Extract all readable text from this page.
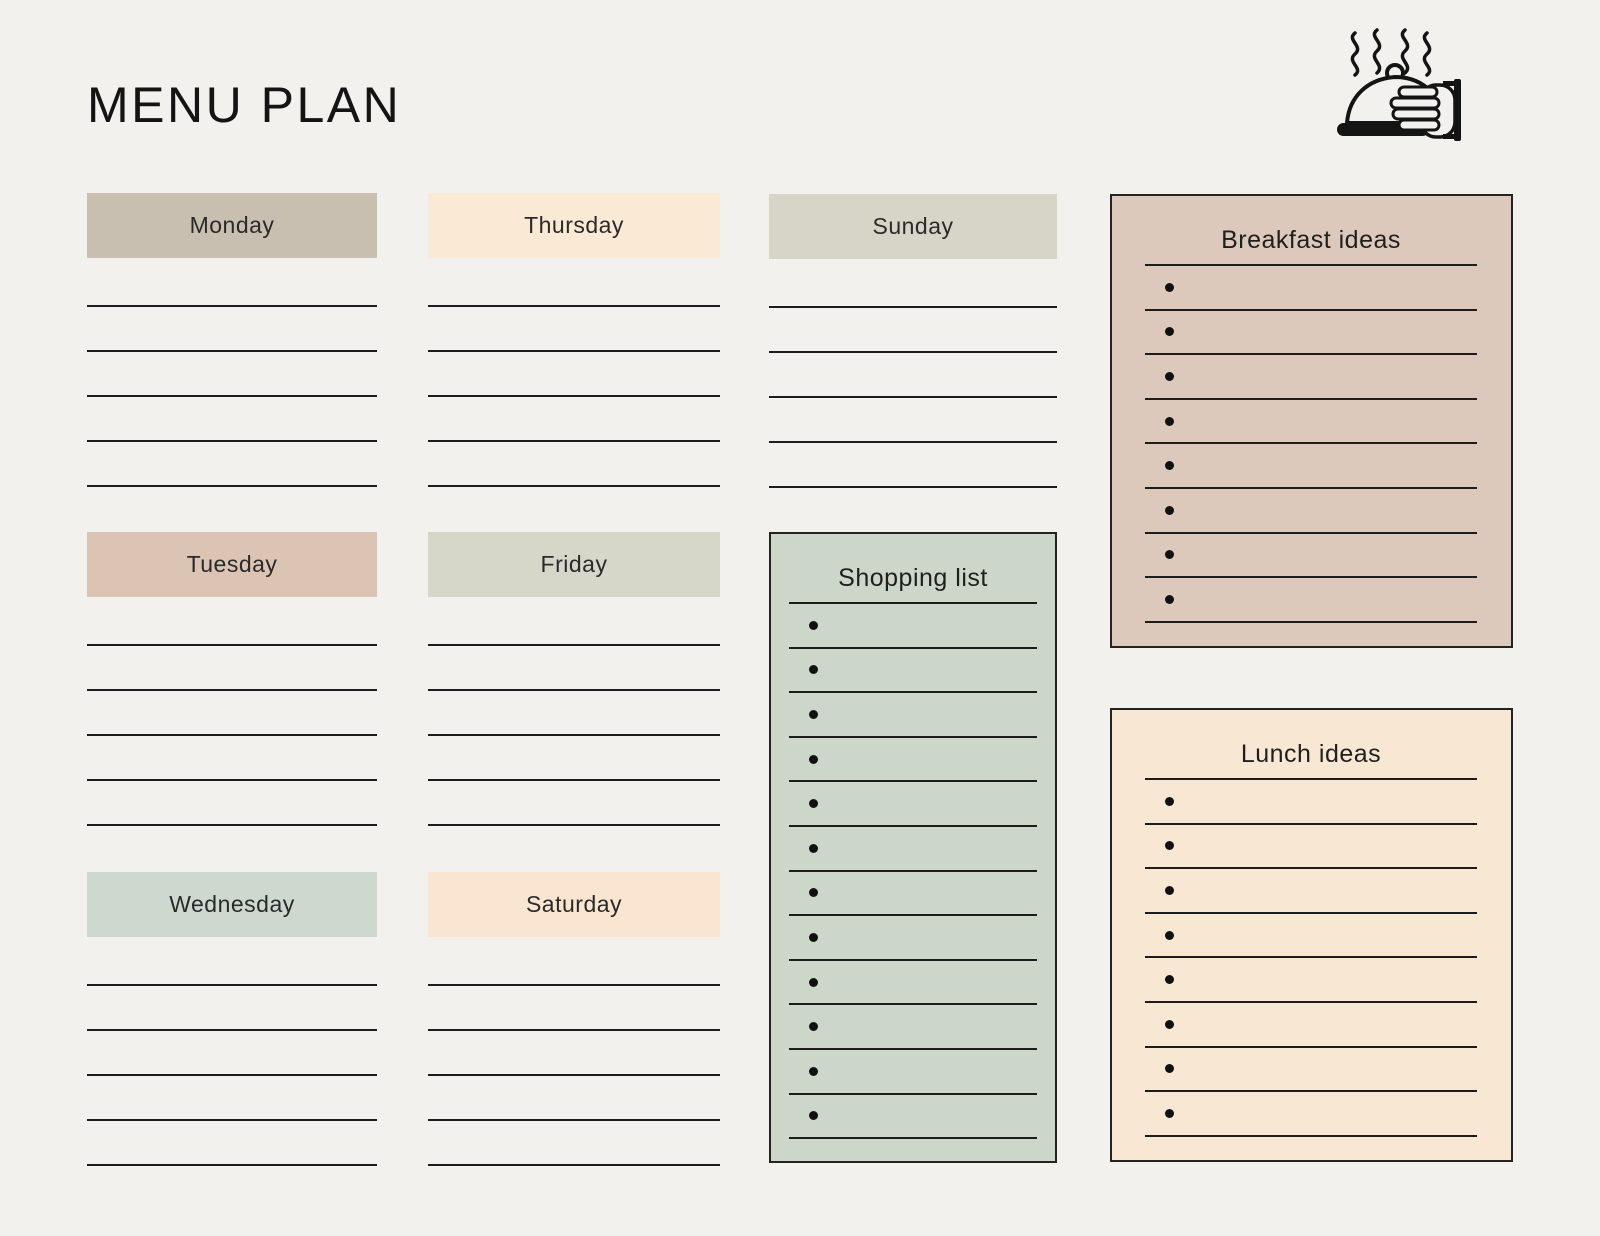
MENU PLAN
Monday
Tuesday
Wednesday
Thursday
Friday
Saturday
Sunday
Shopping list
Breakfast ideas
Lunch ideas
